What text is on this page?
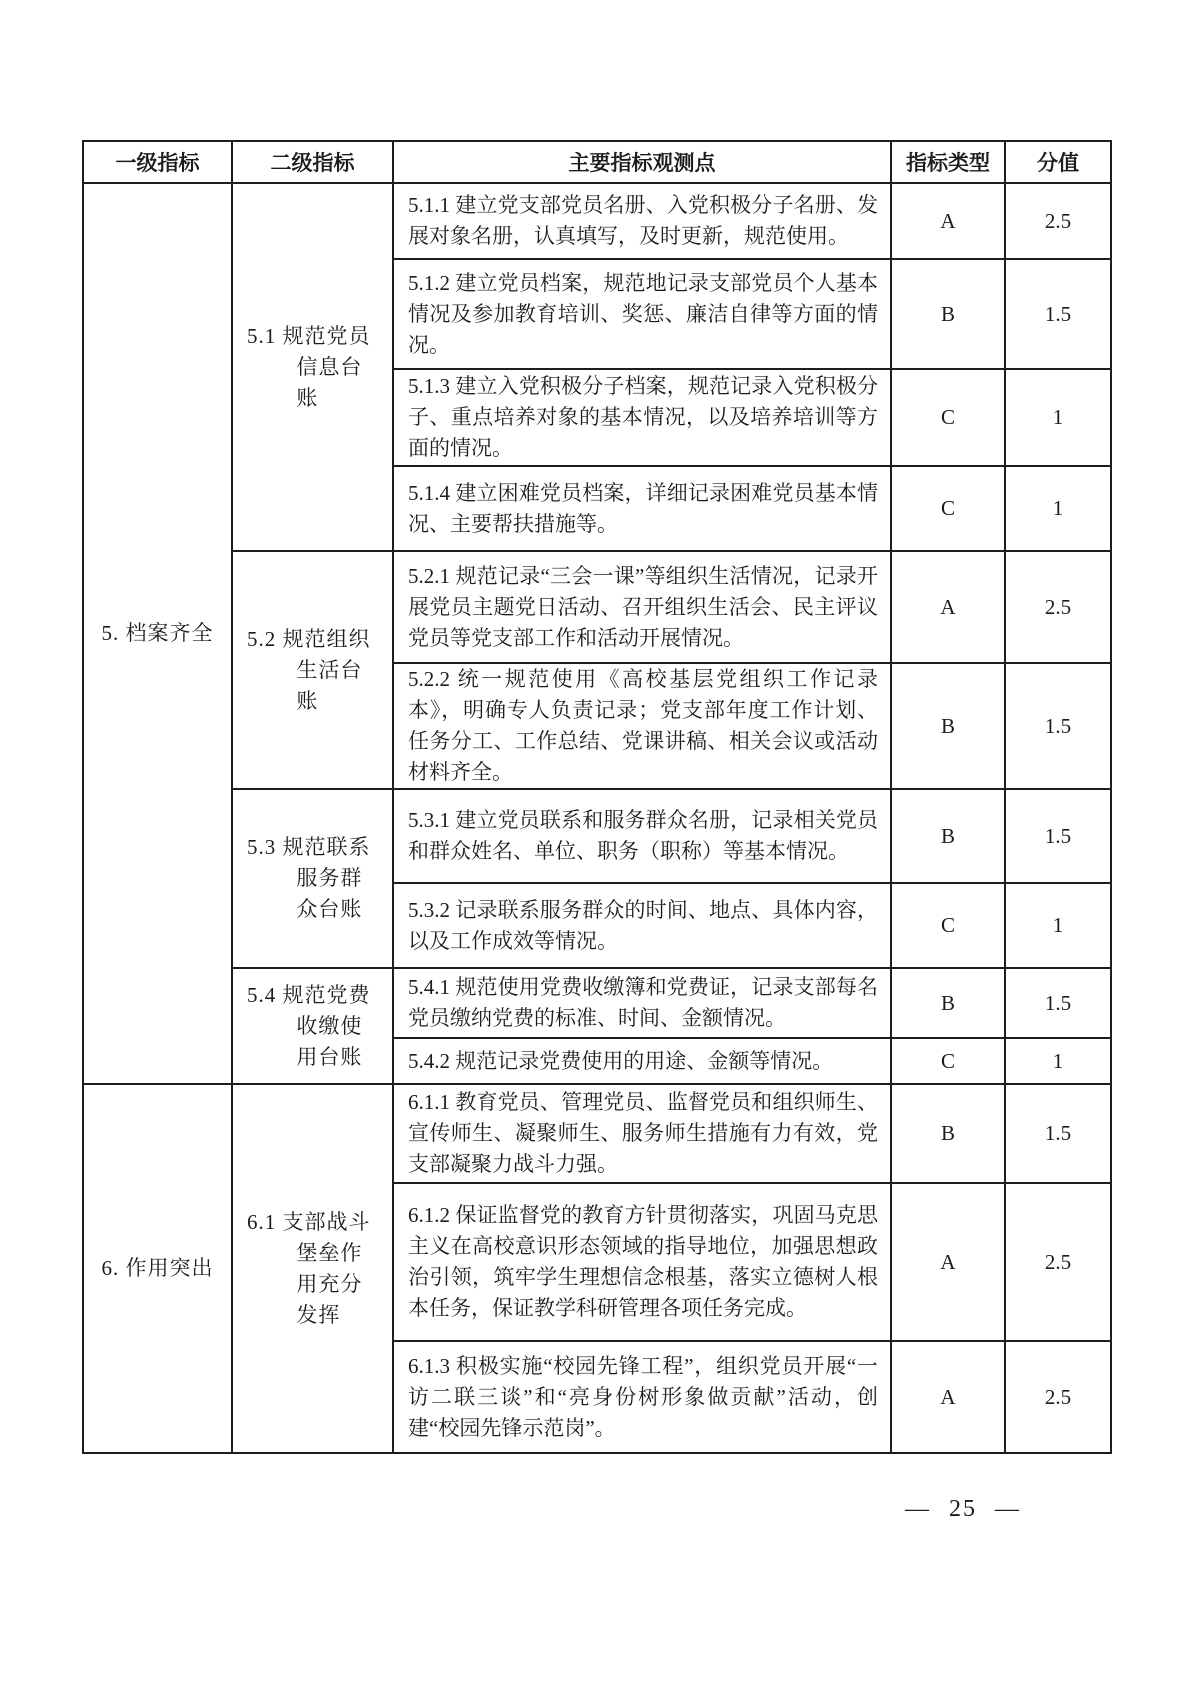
一级指标	二级指标	主要指标观测点	指标类型	分值
5. 档案齐全	5.1 规范党员信息台账	5.1.1 建立党支部党员名册、入党积极分子名册、发展对象名册，认真填写，及时更新，规范使用。	A	2.5
		5.1.2 建立党员档案，规范地记录支部党员个人基本情况及参加教育培训、奖惩、廉洁自律等方面的情况。	B	1.5
		5.1.3 建立入党积极分子档案，规范记录入党积极分子、重点培养对象的基本情况，以及培养培训等方面的情况。	C	1
		5.1.4 建立困难党员档案，详细记录困难党员基本情况、主要帮扶措施等。	C	1
	5.2 规范组织生活台账	5.2.1 规范记录“三会一课”等组织生活情况，记录开展党员主题党日活动、召开组织生活会、民主评议党员等党支部工作和活动开展情况。	A	2.5
		5.2.2 统一规范使用《高校基层党组织工作记录本》，明确专人负责记录；党支部年度工作计划、任务分工、工作总结、党课讲稿、相关会议或活动材料齐全。	B	1.5
	5.3 规范联系服务群众台账	5.3.1 建立党员联系和服务群众名册，记录相关党员和群众姓名、单位、职务（职称）等基本情况。	B	1.5
		5.3.2 记录联系服务群众的时间、地点、具体内容，以及工作成效等情况。	C	1
	5.4 规范党费收缴使用台账	5.4.1 规范使用党费收缴簿和党费证，记录支部每名党员缴纳党费的标准、时间、金额情况。	B	1.5
		5.4.2 规范记录党费使用的用途、金额等情况。	C	1
6. 作用突出	6.1 支部战斗堡垒作用充分发挥	6.1.1 教育党员、管理党员、监督党员和组织师生、宣传师生、凝聚师生、服务师生措施有力有效，党支部凝聚力战斗力强。	B	1.5
		6.1.2 保证监督党的教育方针贯彻落实，巩固马克思主义在高校意识形态领域的指导地位，加强思想政治引领，筑牢学生理想信念根基，落实立德树人根本任务，保证教学科研管理各项任务完成。	A	2.5
		6.1.3 积极实施“校园先锋工程”，组织党员开展“一访二联三谈”和“亮身份树形象做贡献”活动，创建“校园先锋示范岗”。	A	2.5
— 25 —
